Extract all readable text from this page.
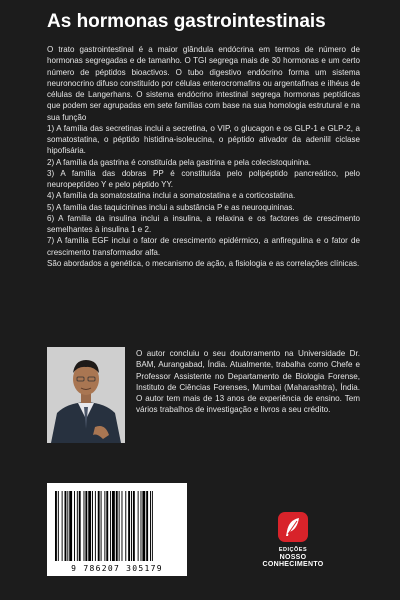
As hormonas gastrointestinais

O trato gastrointestinal é a maior glândula endócrina em termos de número de hormonas segregadas e de tamanho. O TGI segrega mais de 30 hormonas e um certo número de péptidos bioactivos. O tubo digestivo endócrino forma um sistema neuronocrino difuso constituído por células enterocromafins ou argentafinas e ilhéus de células de Langerhans. O sistema endócrino intestinal segrega hormonas peptídicas que podem ser agrupadas em sete famílias com base na sua homologia estrutural e na sua função

1) A família das secretinas inclui a secretina, o VIP, o glucagon e os GLP-1 e GLP-2, a somatostatina, o péptido histidina-isoleucina, o péptido ativador da adenilil ciclase hipofisária.

2) A família da gastrina é constituída pela gastrina e pela colecistoquinina.

3) A família das dobras PP é constituída pelo polipéptido pancreático, pelo neuropeptídeo Y e pelo péptido YY.

4) A família da somatostatina inclui a somatostatina e a corticostatina.

5) A família das taquicininas inclui a substância P e as neuroquininas.

6) A família da insulina inclui a insulina, a relaxina e os factores de crescimento semelhantes à insulina 1 e 2.

7) A família EGF inclui o fator de crescimento epidérmico, a anfiregulina e o fator de crescimento transformador alfa.

São abordados a genética, o mecanismo de ação, a fisiologia e as correlações clínicas.

O autor concluiu o seu doutoramento na Universidade Dr. BAM, Aurangabad, Índia. Atualmente, trabalha como Chefe e Professor Assistente no Departamento de Biologia Forense, Instituto de Ciências Forenses, Mumbai (Maharashtra), Índia. O autor tem mais de 13 anos de experiência de ensino. Tem vários trabalhos de investigação e livros a seu crédito.
9 786207 305179
EDIÇÕES
NOSSO CONHECIMENTO
